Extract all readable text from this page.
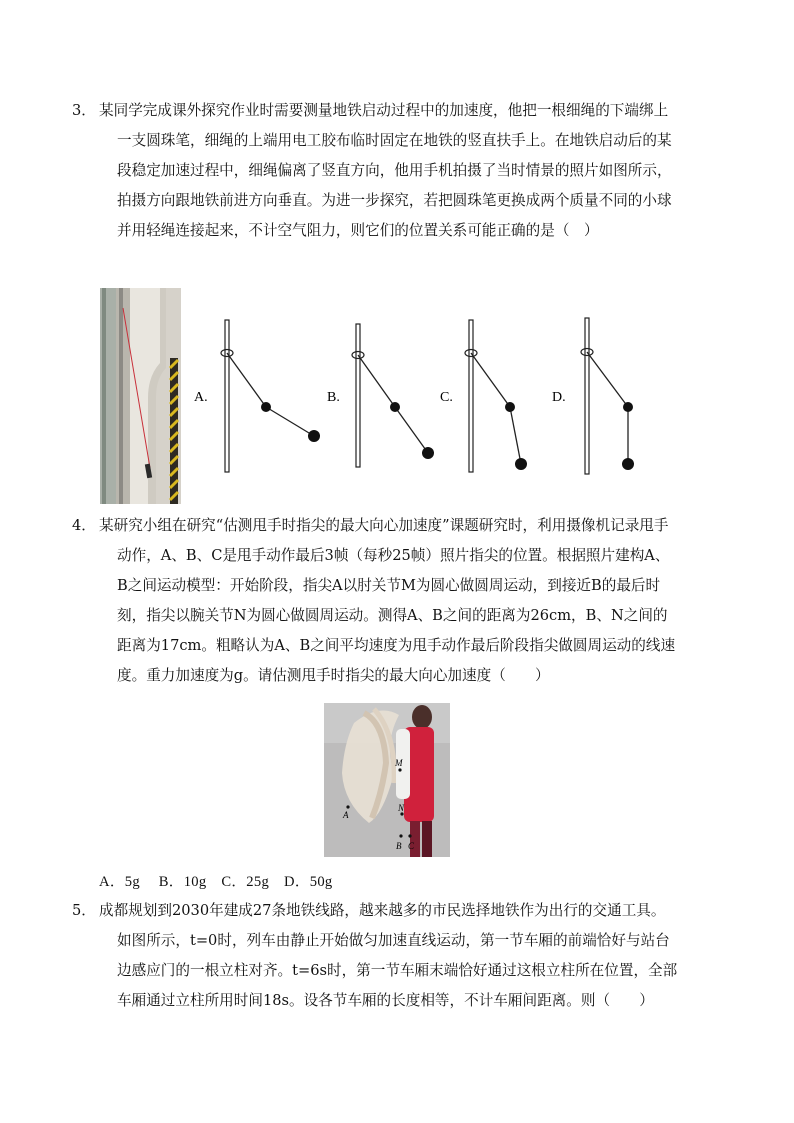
3． 某同学完成课外探究作业时需要测量地铁启动过程中的加速度，他把一根细绳的下端绑上一支圆珠笔，细绳的上端用电工胶布临时固定在地铁的竖直扶手上。在地铁启动后的某段稳定加速过程中，细绳偏离了竖直方向，他用手机拍摄了当时情景的照片如图所示，拍摄方向跟地铁前进方向垂直。为进一步探究，若把圆珠笔更换成两个质量不同的小球并用轻绳连接起来，不计空气阻力，则它们的位置关系可能正确的是（　）
A.	B.	C.	D.
4． 某研究小组在研究“估测甩手时指尖的最大向心加速度”课题研究时，利用摄像机记录甩手动作，A、B、C是甩手动作最后3帧（每秒25帧）照片指尖的位置。根据照片建构A、B之间运动模型：开始阶段，指尖A以肘关节M为圆心做圆周运动，到接近B的最后时刻，指尖以腕关节N为圆心做圆周运动。测得A、B之间的距离为26cm，B、N之间的距离为17cm。粗略认为A、B之间平均速度为甩手动作最后阶段指尖做圆周运动的线速度。重力加速度为g。请估测甩手时指尖的最大向心加速度（　　）
M
N
A
B C
A．5g　 B．10g　C．25g　D．50g
5． 成都规划到2030年建成27条地铁线路，越来越多的市民选择地铁作为出行的交通工具。如图所示，t=0时，列车由静止开始做匀加速直线运动，第一节车厢的前端恰好与站台边感应门的一根立柱对齐。t=6s时，第一节车厢末端恰好通过这根立柱所在位置，全部车厢通过立柱所用时间18s。设各节车厢的长度相等，不计车厢间距离。则（　　）
